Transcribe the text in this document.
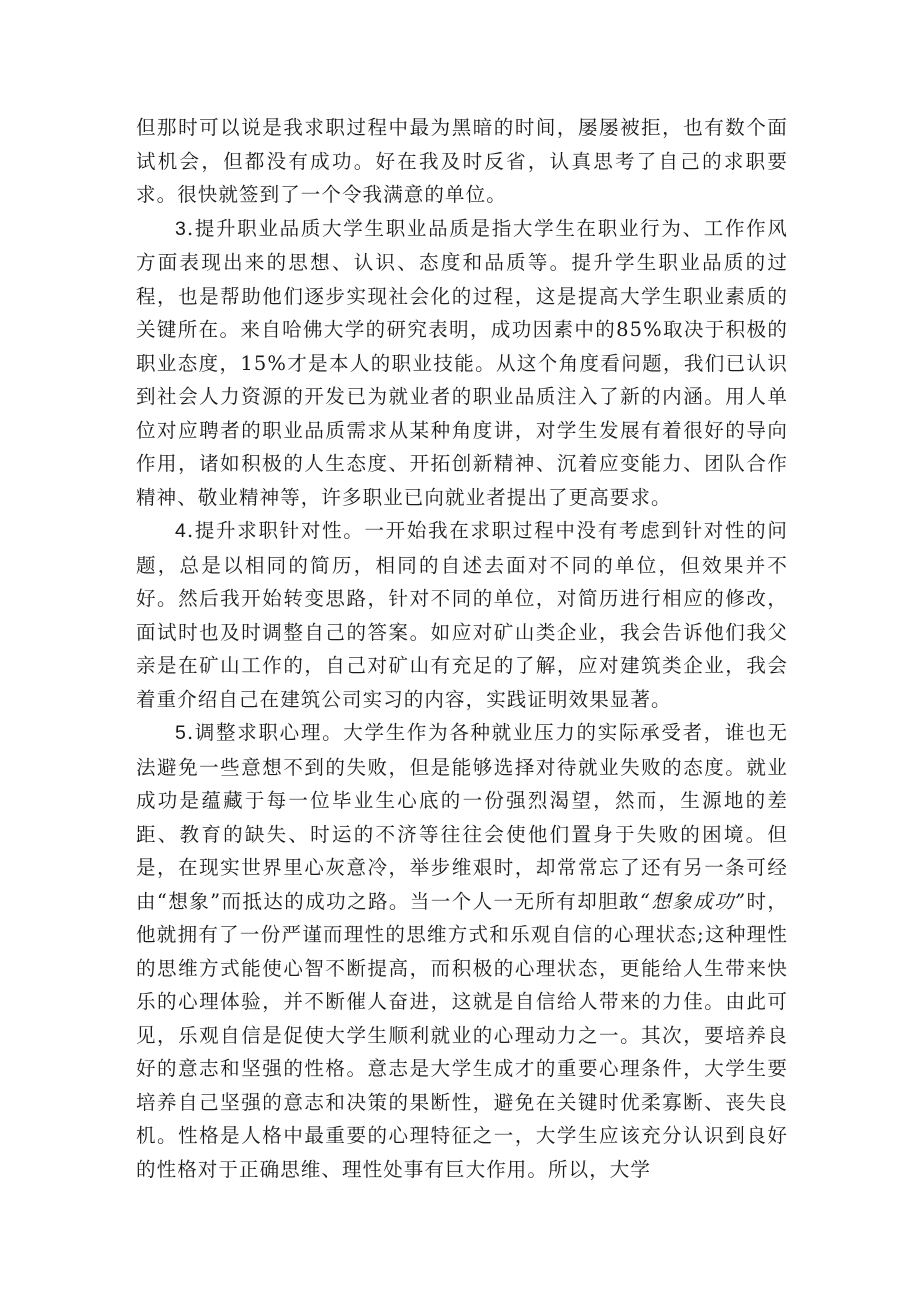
但那时可以说是我求职过程中最为黑暗的时间，屡屡被拒，也有数个面试机会，但都没有成功。好在我及时反省，认真思考了自己的求职要求。很快就签到了一个令我满意的单位。

3.提升职业品质大学生职业品质是指大学生在职业行为、工作作风方面表现出来的思想、认识、态度和品质等。提升学生职业品质的过程，也是帮助他们逐步实现社会化的过程，这是提高大学生职业素质的关键所在。来自哈佛大学的研究表明，成功因素中的85%取决于积极的职业态度，15%才是本人的职业技能。从这个角度看问题，我们已认识到社会人力资源的开发已为就业者的职业品质注入了新的内涵。用人单位对应聘者的职业品质需求从某种角度讲，对学生发展有着很好的导向作用，诸如积极的人生态度、开拓创新精神、沉着应变能力、团队合作精神、敬业精神等，许多职业已向就业者提出了更高要求。

4.提升求职针对性。一开始我在求职过程中没有考虑到针对性的问题，总是以相同的简历，相同的自述去面对不同的单位，但效果并不好。然后我开始转变思路，针对不同的单位，对简历进行相应的修改，面试时也及时调整自己的答案。如应对矿山类企业，我会告诉他们我父亲是在矿山工作的，自己对矿山有充足的了解，应对建筑类企业，我会着重介绍自己在建筑公司实习的内容，实践证明效果显著。

5.调整求职心理。大学生作为各种就业压力的实际承受者，谁也无法避免一些意想不到的失败，但是能够选择对待就业失败的态度。就业成功是蕴藏于每一位毕业生心底的一份强烈渴望，然而，生源地的差距、教育的缺失、时运的不济等往往会使他们置身于失败的困境。但是，在现实世界里心灰意冷，举步维艰时，却常常忘了还有另一条可经由“想象”而抵达的成功之路。当一个人一无所有却胆敢“想象成功”时，他就拥有了一份严谨而理性的思维方式和乐观自信的心理状态;这种理性的思维方式能使心智不断提高，而积极的心理状态，更能给人生带来快乐的心理体验，并不断催人奋进，这就是自信给人带来的力佳。由此可见，乐观自信是促使大学生顺利就业的心理动力之一。其次，要培养良好的意志和坚强的性格。意志是大学生成才的重要心理条件，大学生要培养自己坚强的意志和决策的果断性，避免在关键时优柔寡断、丧失良机。性格是人格中最重要的心理特征之一，大学生应该充分认识到良好的性格对于正确思维、理性处事有巨大作用。所以，大学
